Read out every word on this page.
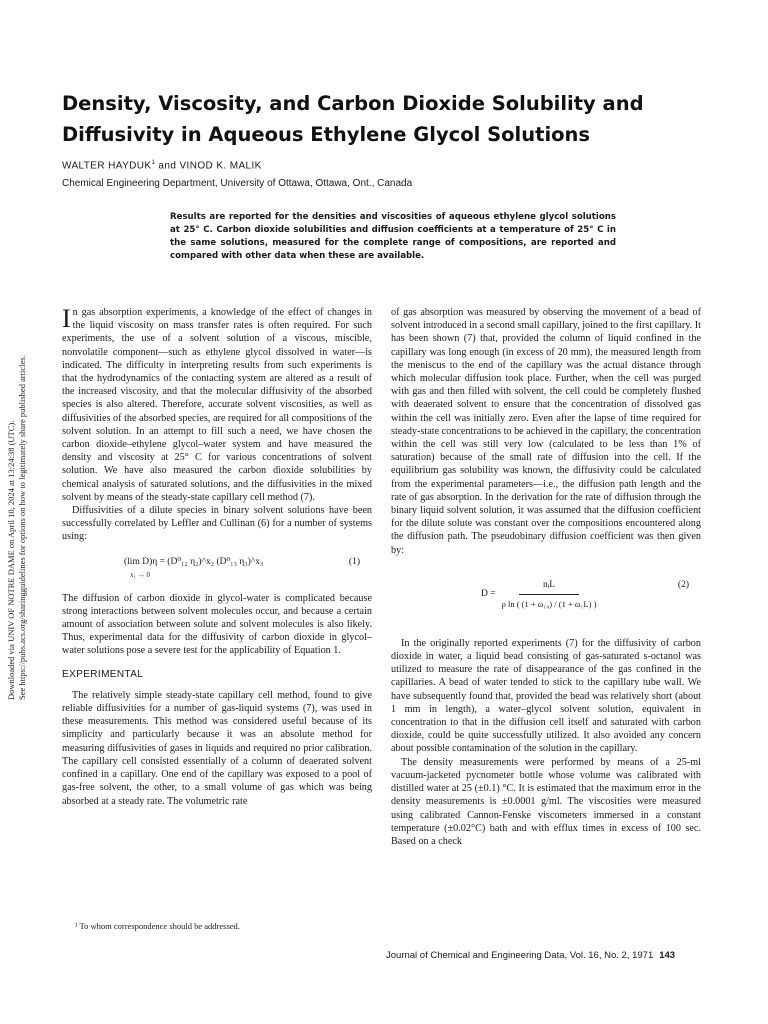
Downloaded via UNIV OF NOTRE DAME on April 10, 2024 at 13:24:38 (UTC). See https://pubs.acs.org/sharingguidelines for options on how to legitimately share published articles.
Density, Viscosity, and Carbon Dioxide Solubility and Diffusivity in Aqueous Ethylene Glycol Solutions
WALTER HAYDUK$^1$ and VINOD K. MALIK
Chemical Engineering Department, University of Ottawa, Ottawa, Ont., Canada

Results are reported for the densities and viscosities of aqueous ethylene glycol solutions at 25° C. Carbon dioxide solubilities and diffusion coefficients at a temperature of 25° C in the same solutions, measured for the complete range of compositions, are reported and compared with other data when these are available.

In gas absorption experiments, a knowledge of the effect of changes in the liquid viscosity on mass transfer rates is often required. For such experiments, the use of a solvent solution of a viscous, miscible, nonvolatile component—such as ethylene glycol dissolved in water—is indicated. The difficulty in interpreting results from such experiments is that the hydrodynamics of the contacting system are altered as a result of the increased viscosity, and that the molecular diffusivity of the absorbed species is also altered. Therefore, accurate solvent viscosities, as well as diffusivities of the absorbed species, are required for all compositions of the solvent solution. In an attempt to fill such a need, we have chosen the carbon dioxide–ethylene glycol–water system and have measured the density and viscosity at 25° C for various concentrations of solvent solution. We have also measured the carbon dioxide solubilities by chemical analysis of saturated solutions, and the diffusivities in the mixed solvent by means of the steady-state capillary cell method (7).

Diffusivities of a dilute species in binary solvent solutions have been successfully correlated by Leffler and Cullinan (6) for a number of systems using:

(lim D)η = (D⁰₁₂ η₂)^x₂ (D⁰₁₃ η₃)^x₃
x₁ → 0
(1)

The diffusion of carbon dioxide in glycol-water is complicated because strong interactions between solvent molecules occur, and because a certain amount of association between solute and solvent molecules is also likely. Thus, experimental data for the diffusivity of carbon dioxide in glycol–water solutions pose a severe test for the applicability of Equation 1.

EXPERIMENTAL

The relatively simple steady-state capillary cell method, found to give reliable diffusivities for a number of gas-liquid systems (7), was used in these measurements. This method was considered useful because of its simplicity and particularly because it was an absolute method for measuring diffusivities of gases in liquids and required no prior calibration. The capillary cell consisted essentially of a column of deaerated solvent confined in a capillary. One end of the capillary was exposed to a pool of gas-free solvent, the other, to a small volume of gas which was being absorbed at a steady rate. The volumetric rate

of gas absorption was measured by observing the movement of a bead of solvent introduced in a second small capillary, joined to the first capillary. It has been shown (7) that, provided the column of liquid confined in the capillary was long enough (in excess of 20 mm), the measured length from the meniscus to the end of the capillary was the actual distance through which molecular diffusion took place. Further, when the cell was purged with gas and then filled with solvent, the cell could be completely flushed with deaerated solvent to ensure that the concentration of dissolved gas within the cell was initially zero. Even after the lapse of time required for steady-state concentrations to be achieved in the capillary, the concentration within the cell was still very low (calculated to be less than 1% of saturation) because of the small rate of diffusion into the cell. If the equilibrium gas solubility was known, the diffusivity could be calculated from the experimental parameters—i.e., the diffusion path length and the rate of gas absorption. In the derivation for the rate of diffusion through the binary liquid solvent solution, it was assumed that the diffusion coefficient for the dilute solute was constant over the compositions encountered along the diffusion path. The pseudobinary diffusion coefficient was then given by:

D =
nᵢL
ρ ln ( (1 + ω₁₀) / (1 + ω₁L) )
(2)

In the originally reported experiments (7) for the diffusivity of carbon dioxide in water, a liquid bead consisting of gas-saturated s-octanol was utilized to measure the rate of disappearance of the gas confined in the capillaries. A bead of water tended to stick to the capillary tube wall. We have subsequently found that, provided the bead was relatively short (about 1 mm in length), a water–glycol solvent solution, equivalent in concentration to that in the diffusion cell itself and saturated with carbon dioxide, could be quite successfully utilized. It also avoided any concern about possible contamination of the solution in the capillary.

The density measurements were performed by means of a 25-ml vacuum-jacketed pycnometer bottle whose volume was calibrated with distilled water at 25 (±0.1) °C. It is estimated that the maximum error in the density measurements is ±0.0001 g/ml. The viscosities were measured using calibrated Cannon-Fenske viscometers immersed in a constant temperature (±0.02°C) bath and with efflux times in excess of 100 sec. Based on a check

¹ To whom correspondence should be addressed.
Journal of Chemical and Engineering Data, Vol. 16, No. 2, 1971 143
